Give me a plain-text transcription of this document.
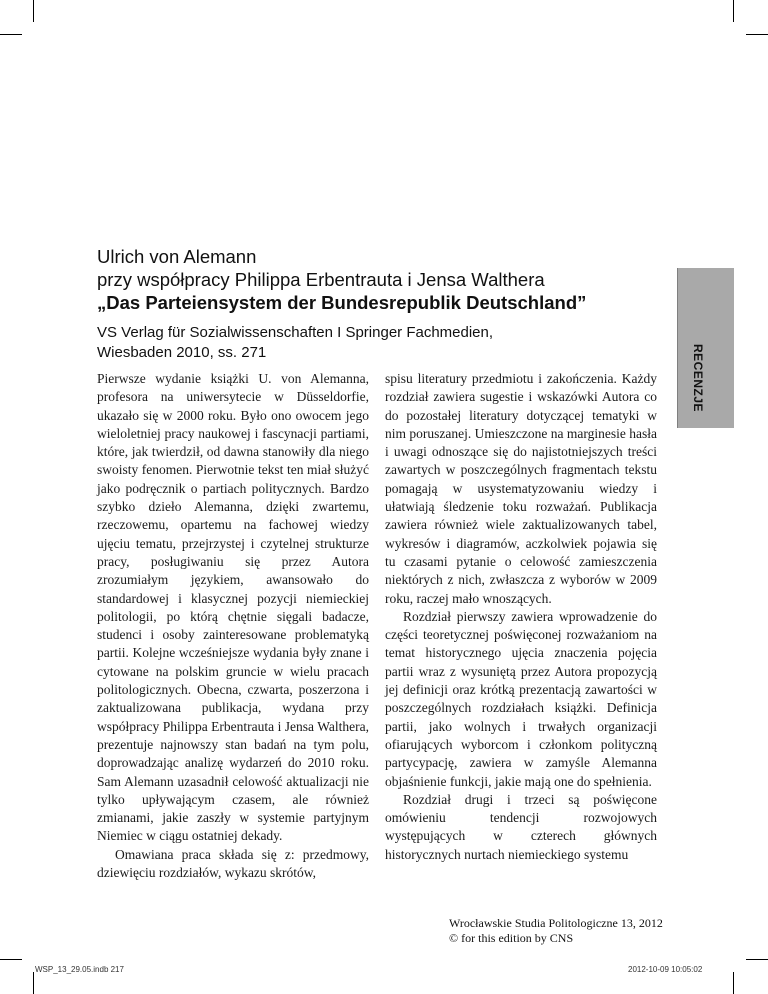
RECENZJE
Ulrich von Alemann
przy współpracy Philippa Erbentrauta i Jensa Walthera
„Das Parteiensystem der Bundesrepublik Deutschland”
VS Verlag für Sozialwissenschaften I Springer Fachmedien,
Wiesbaden 2010, ss. 271

Pierwsze wydanie książki U. von Alemanna, profesora na uniwersytecie w Düsseldorfie, ukazało się w 2000 roku. Było ono owocem jego wieloletniej pracy naukowej i fascynacji partiami, które, jak twierdził, od dawna stanowiły dla niego swoisty fenomen. Pierwotnie tekst ten miał służyć jako podręcznik o partiach politycznych. Bardzo szybko dzieło Alemanna, dzięki zwartemu, rzeczowemu, opartemu na fachowej wiedzy ujęciu tematu, przejrzystej i czytelnej strukturze pracy, posługiwaniu się przez Autora zrozumiałym językiem, awansowało do standardowej i klasycznej pozycji niemieckiej politologii, po którą chętnie sięgali badacze, studenci i osoby zainteresowane problematyką partii. Kolejne wcześniejsze wydania były znane i cytowane na polskim gruncie w wielu pracach politologicznych. Obecna, czwarta, poszerzona i zaktualizowana publikacja, wydana przy współpracy Philippa Erbentrauta i Jensa Walthera, prezentuje najnowszy stan badań na tym polu, doprowadzając analizę wydarzeń do 2010 roku. Sam Alemann uzasadnił celowość aktualizacji nie tylko upływającym czasem, ale również zmianami, jakie zaszły w systemie partyjnym Niemiec w ciągu ostatniej dekady.

Omawiana praca składa się z: przedmowy, dziewięciu rozdziałów, wykazu skrótów,

spisu literatury przedmiotu i zakończenia. Każdy rozdział zawiera sugestie i wskazówki Autora co do pozostałej literatury dotyczącej tematyki w nim poruszanej. Umieszczone na marginesie hasła i uwagi odnoszące się do najistotniejszych treści zawartych w poszczególnych fragmentach tekstu pomagają w usystematyzowaniu wiedzy i ułatwiają śledzenie toku rozważań. Publikacja zawiera również wiele zaktualizowanych tabel, wykresów i diagramów, aczkolwiek pojawia się tu czasami pytanie o celowość zamieszczenia niektórych z nich, zwłaszcza z wyborów w 2009 roku, raczej mało wnoszących.

Rozdział pierwszy zawiera wprowadzenie do części teoretycznej poświęconej rozważaniom na temat historycznego ujęcia znaczenia pojęcia partii wraz z wysuniętą przez Autora propozycją jej definicji oraz krótką prezentacją zawartości w poszczególnych rozdziałach książki. Definicja partii, jako wolnych i trwałych organizacji ofiarujących wyborcom i członkom polityczną partycypację, zawiera w zamyśle Alemanna objaśnienie funkcji, jakie mają one do spełnienia.

Rozdział drugi i trzeci są poświęcone omówieniu tendencji rozwojowych występujących w czterech głównych historycznych nurtach niemieckiego systemu

Wrocławskie Studia Politologiczne 13, 2012
© for this edition by CNS
WSP_13_29.05.indb 217	2012-10-09 10:05:02
